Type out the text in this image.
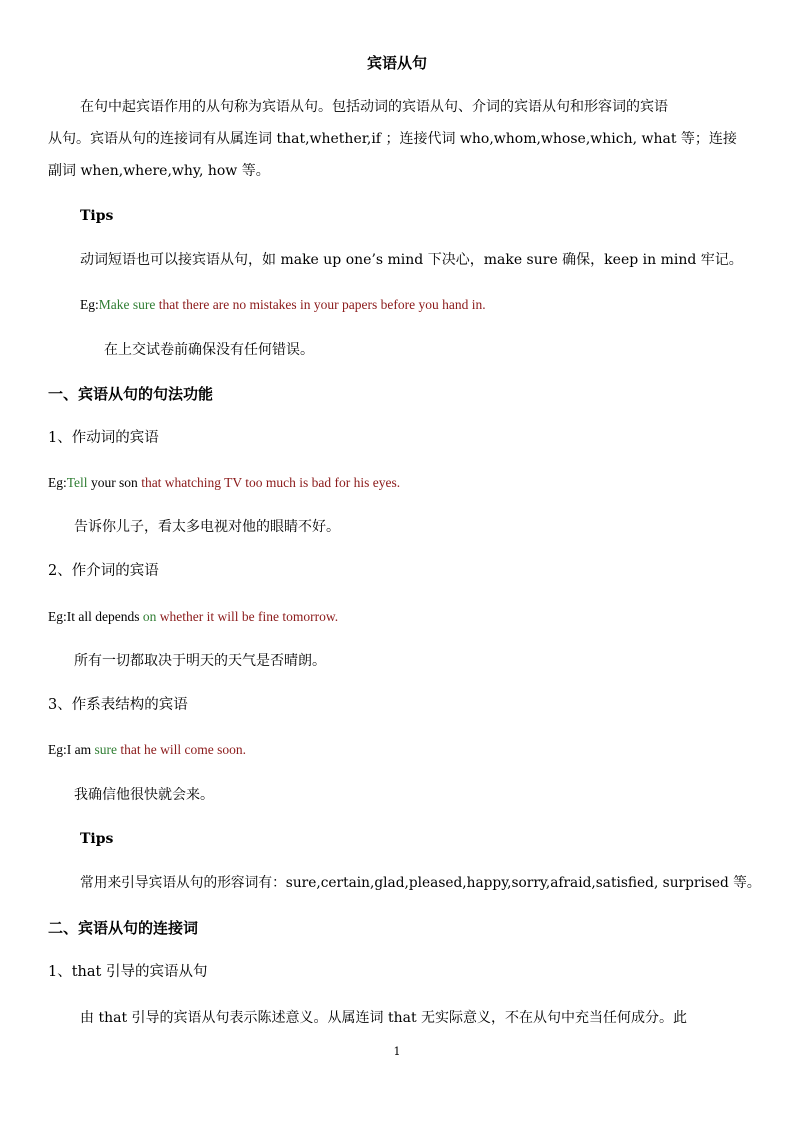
宾语从句
在句中起宾语作用的从句称为宾语从句。包括动词的宾语从句、介词的宾语从句和形容词的宾语
从句。宾语从句的连接词有从属连词 that,whether,if ；连接代词 who,whom,whose,which, what 等；连接
副词 when,where,why, how 等。
Tips
动词短语也可以接宾语从句，如 make up one’s mind 下决心，make sure 确保，keep in mind 牢记。
Eg:Make sure that there are no mistakes in your papers before you hand in.
在上交试卷前确保没有任何错误。
一、宾语从句的句法功能
1、作动词的宾语
Eg:Tell your son that whatching TV too much is bad for his eyes.
告诉你儿子，看太多电视对他的眼睛不好。
2、作介词的宾语
Eg:It all depends on whether it will be fine tomorrow.
所有一切都取决于明天的天气是否晴朗。
3、作系表结构的宾语
Eg:I am sure that he will come soon.
我确信他很快就会来。
Tips
常用来引导宾语从句的形容词有：sure,certain,glad,pleased,happy,sorry,afraid,satisfied, surprised 等。
二、宾语从句的连接词
1、that 引导的宾语从句
由 that 引导的宾语从句表示陈述意义。从属连词 that 无实际意义，不在从句中充当任何成分。此
1
